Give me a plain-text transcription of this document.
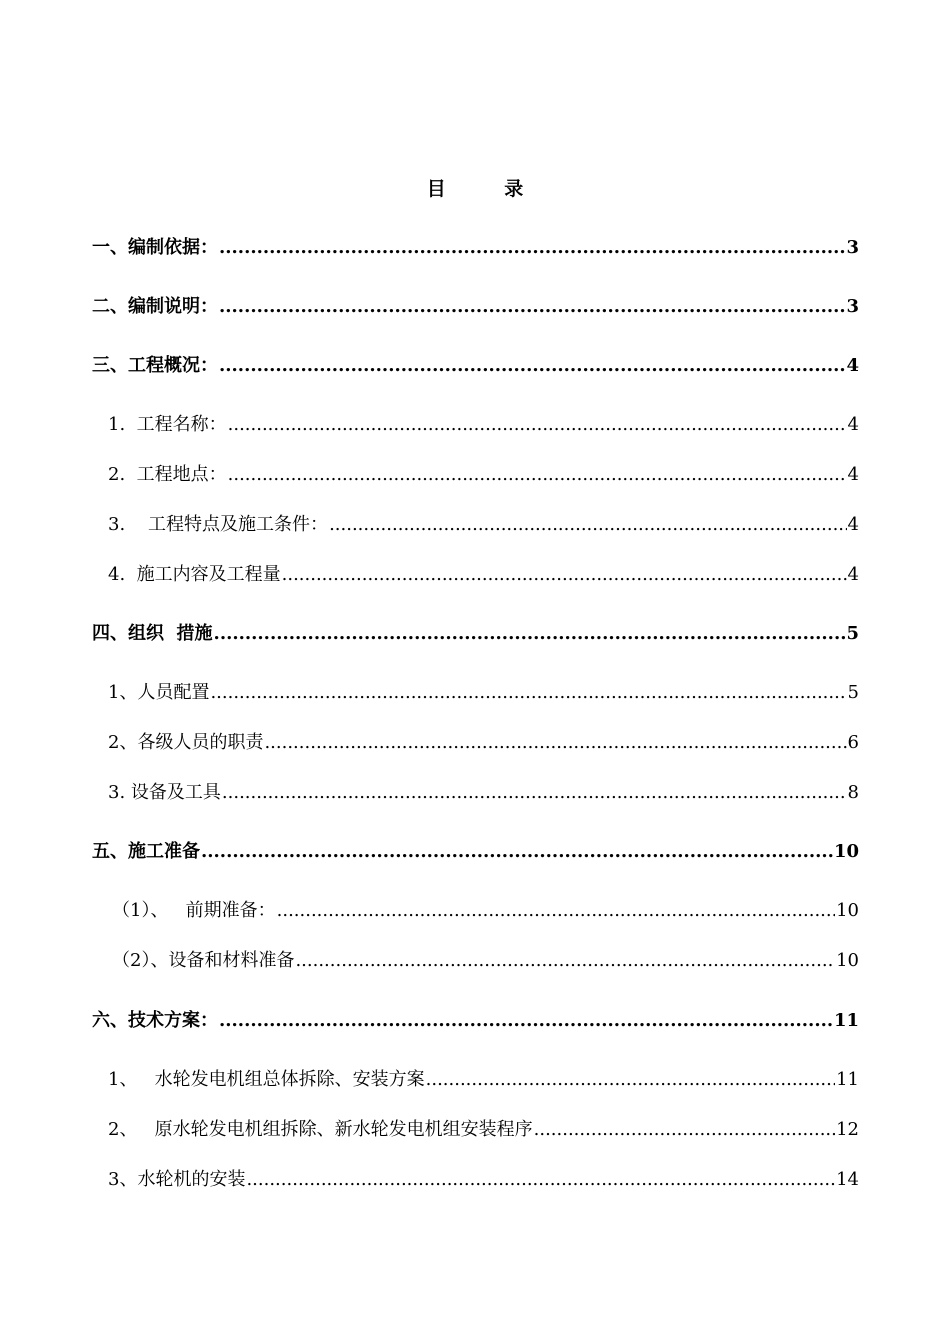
目 录
一、编制依据： .....	3
二、编制说明： .....	3
三、工程概况： .....	4
1.  工程名称： .....	4
2.  工程地点： .....	4
3.    工程特点及施工条件： .....	4
4.  施工内容及工程量 .....	4
四、组织  措施 .....	5
1、人员配置 .....	5
2、各级人员的职责 .....	6
3. 设备及工具 .....	8
五、施工准备 .....	10
（1）、   前期准备： .....	10
（2）、设备和材料准备 .....	10
六、技术方案： .....	11
1、   水轮发电机组总体拆除、安装方案 .....	11
2、   原水轮发电机组拆除、新水轮发电机组安装程序 .....	12
3、水轮机的安装 .....	14
